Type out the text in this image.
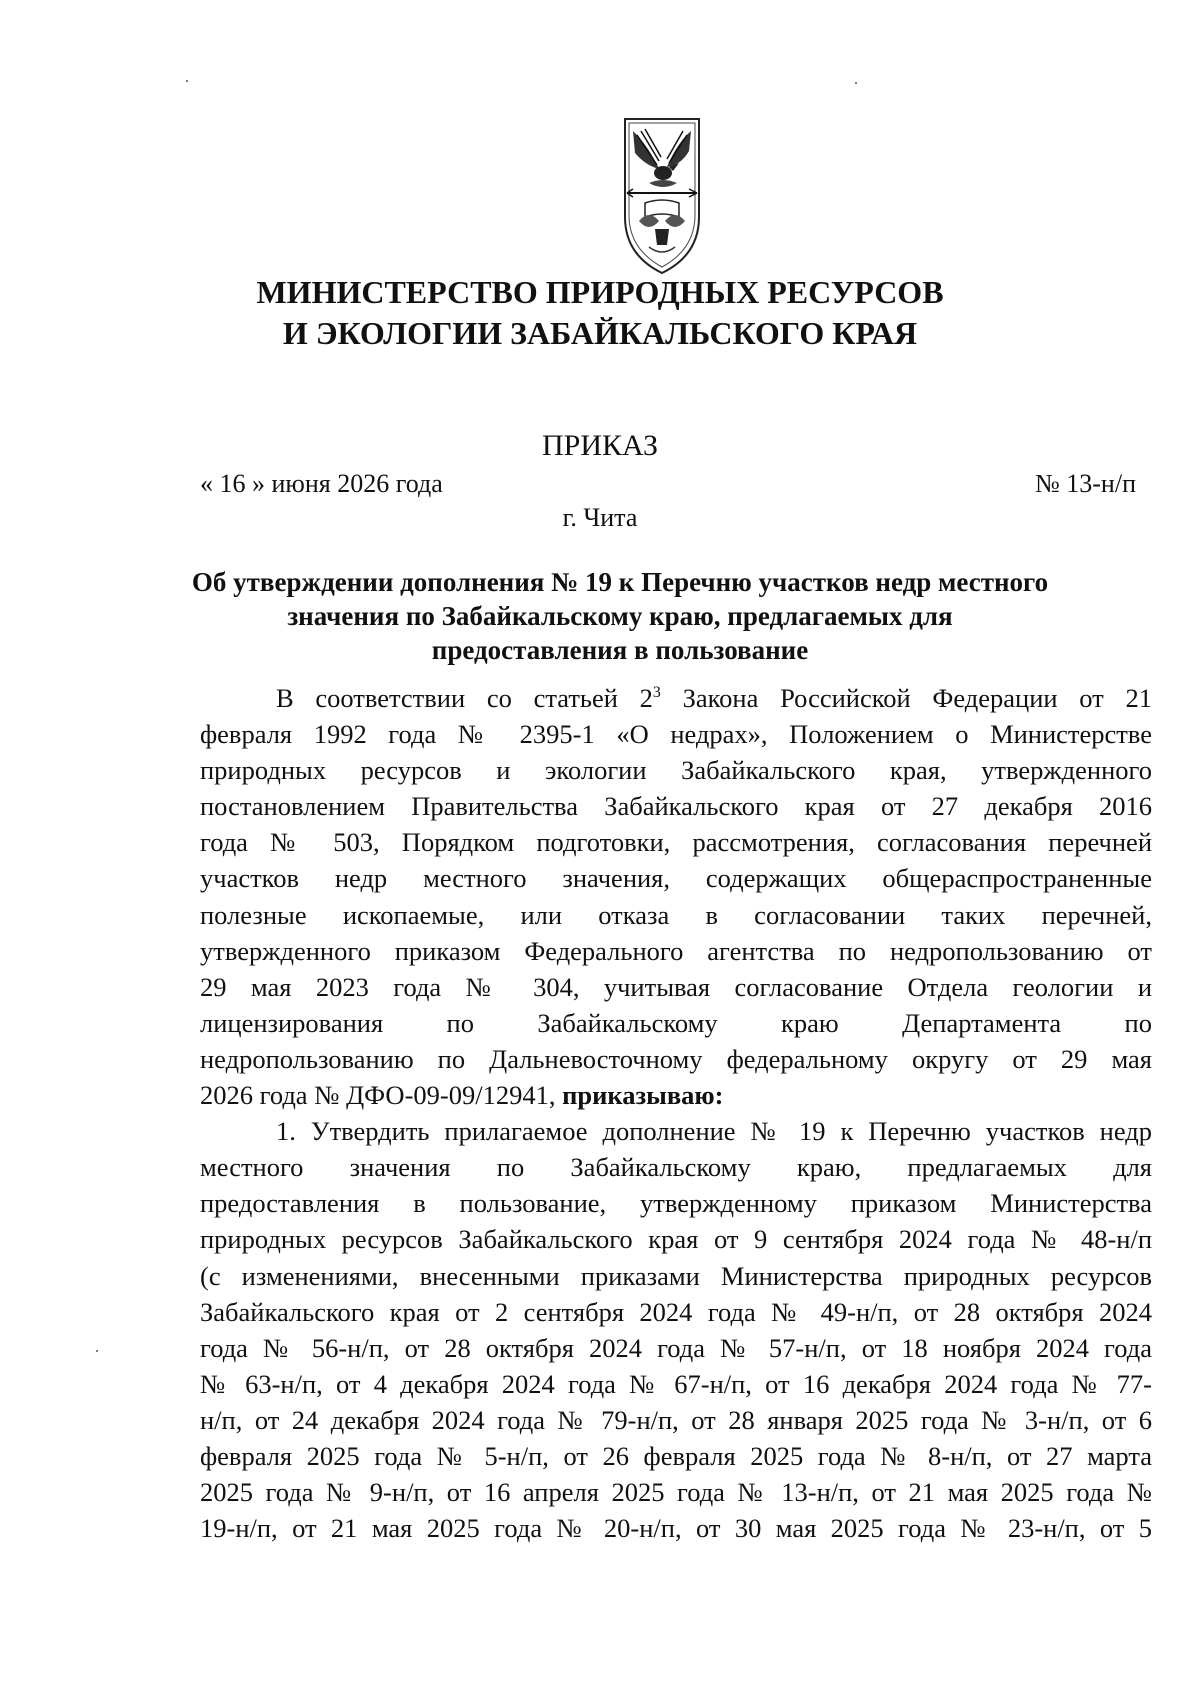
МИНИСТЕРСТВО ПРИРОДНЫХ РЕСУРСОВ
И ЭКОЛОГИИ ЗАБАЙКАЛЬСКОГО КРАЯ
ПРИКАЗ
« 16 » июня 2026 года	№ 13-н/п
г. Чита
Об утверждении дополнения № 19 к Перечню участков недр местного
значения по Забайкальскому краю, предлагаемых для
предоставления в пользование
В соответствии со статьей $2^3$ Закона Российской Федерации от 21
февраля 1992 года № 2395-1 «О недрах», Положением о Министерстве
природных ресурсов и экологии Забайкальского края, утвержденного
постановлением Правительства Забайкальского края от 27 декабря 2016
года № 503, Порядком подготовки, рассмотрения, согласования перечней
участков недр местного значения, содержащих общераспространенные
полезные ископаемые, или отказа в согласовании таких перечней,
утвержденного приказом Федерального агентства по недропользованию от
29 мая 2023 года № 304, учитывая согласование Отдела геологии и
лицензирования по Забайкальскому краю Департамента по
недропользованию по Дальневосточному федеральному округу от 29 мая
2026 года № ДФО-09-09/12941, приказываю:
1. Утвердить прилагаемое дополнение № 19 к Перечню участков недр
местного значения по Забайкальскому краю, предлагаемых для
предоставления в пользование, утвержденному приказом Министерства
природных ресурсов Забайкальского края от 9 сентября 2024 года № 48-н/п
(с изменениями, внесенными приказами Министерства природных ресурсов
Забайкальского края от 2 сентября 2024 года № 49-н/п, от 28 октября 2024
года № 56-н/п, от 28 октября 2024 года № 57-н/п, от 18 ноября 2024 года
№ 63-н/п, от 4 декабря 2024 года № 67-н/п, от 16 декабря 2024 года № 77-
н/п, от 24 декабря 2024 года № 79-н/п, от 28 января 2025 года № 3-н/п, от 6
февраля 2025 года № 5-н/п, от 26 февраля 2025 года № 8-н/п, от 27 марта
2025 года № 9-н/п, от 16 апреля 2025 года № 13-н/п, от 21 мая 2025 года №
19-н/п, от 21 мая 2025 года № 20-н/п, от 30 мая 2025 года № 23-н/п, от 5
